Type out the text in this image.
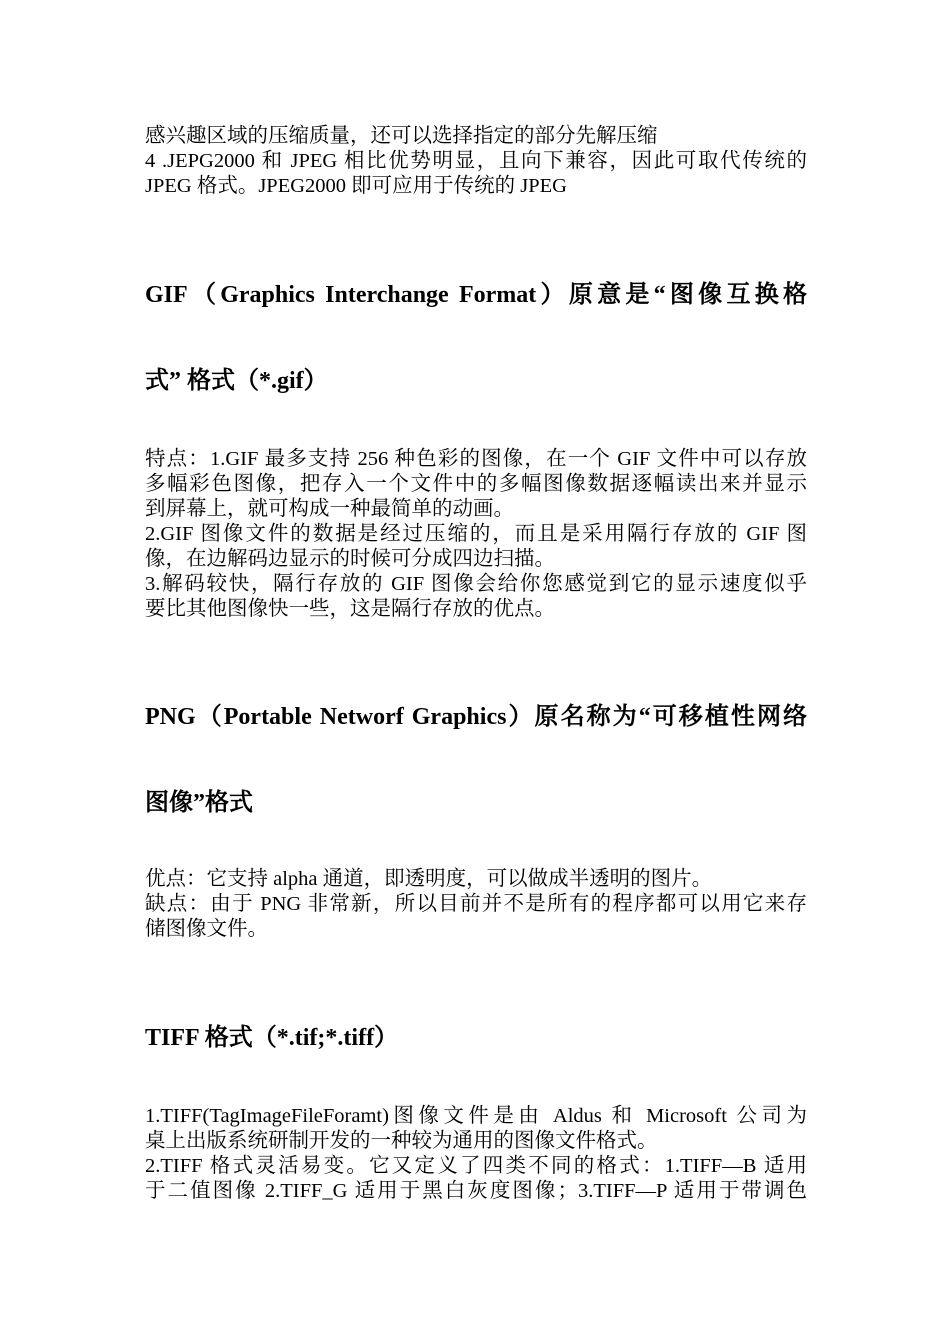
感兴趣区域的压缩质量，还可以选择指定的部分先解压缩
4 .JEPG2000 和 JPEG 相比优势明显，且向下兼容，因此可取代传统的
JPEG 格式。JPEG2000 即可应用于传统的 JPEG
GIF（Graphics Interchange Format）原意是“图像互换格
式” 格式（*.gif）
特点：1.GIF 最多支持 256 种色彩的图像，在一个 GIF 文件中可以存放
多幅彩色图像，把存入一个文件中的多幅图像数据逐幅读出来并显示
到屏幕上，就可构成一种最简单的动画。
2.GIF 图像文件的数据是经过压缩的，而且是采用隔行存放的 GIF 图
像，在边解码边显示的时候可分成四边扫描。
3.解码较快，隔行存放的 GIF 图像会给你您感觉到它的显示速度似乎
要比其他图像快一些，这是隔行存放的优点。
PNG（Portable Networf Graphics）原名称为“可移植性网络
图像”格式
优点：它支持 alpha 通道，即透明度，可以做成半透明的图片。
缺点：由于 PNG 非常新，所以目前并不是所有的程序都可以用它来存
储图像文件。
TIFF 格式（*.tif;*.tiff）
1.TIFF(TagImageFileForamt)图像文件是由 Aldus 和 Microsoft 公司为
桌上出版系统研制开发的一种较为通用的图像文件格式。
2.TIFF 格式灵活易变。它又定义了四类不同的格式：1.TIFF—B 适用
于二值图像 2.TIFF_G 适用于黑白灰度图像；3.TIFF—P 适用于带调色
